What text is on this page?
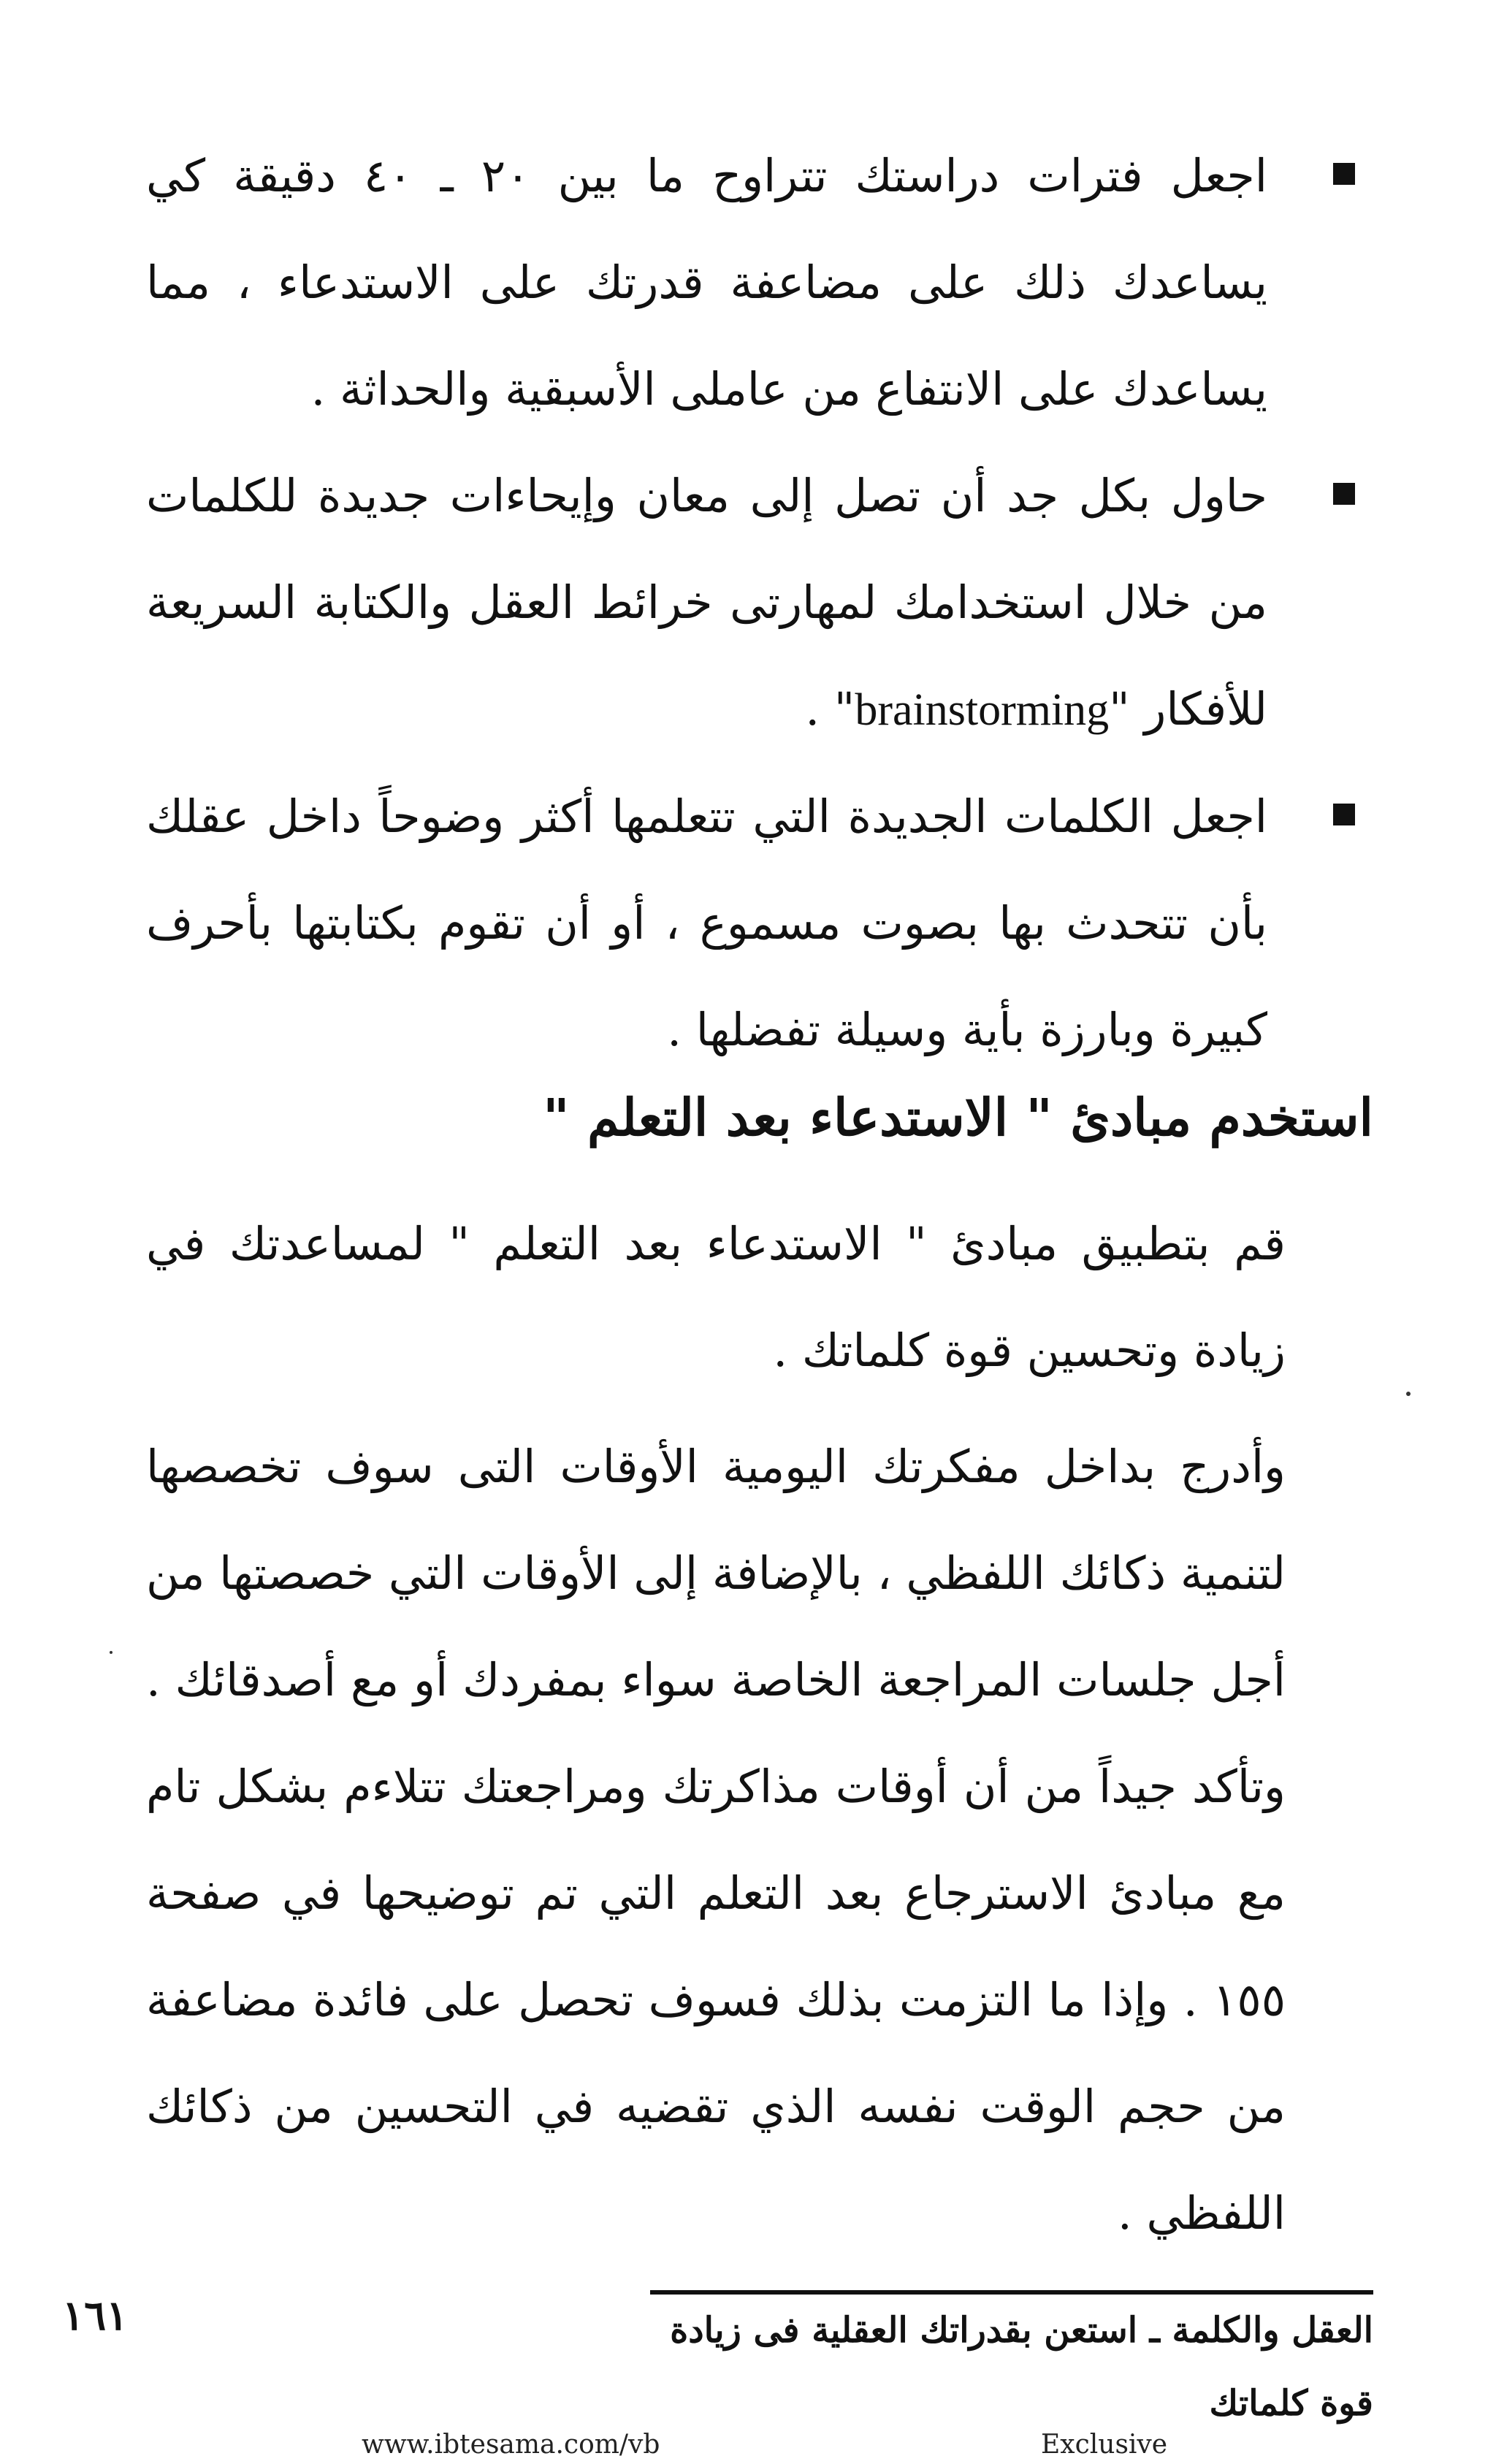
اجعل فترات دراستك تتراوح ما بين ٢٠ ـ ٤٠ دقيقة كي يساعدك ذلك على مضاعفة قدرتك على الاستدعاء ، مما يساعدك على الانتفاع من عاملى الأسبقية والحداثة .
حاول بكل جد أن تصل إلى معان وإيحاءات جديدة للكلمات من خلال استخدامك لمهارتى خرائط العقل والكتابة السريعة للأفكار "brainstorming" .
اجعل الكلمات الجديدة التي تتعلمها أكثر وضوحاً داخل عقلك بأن تتحدث بها بصوت مسموع ، أو أن تقوم بكتابتها بأحرف كبيرة وبارزة بأية وسيلة تفضلها .
استخدم مبادئ " الاستدعاء بعد التعلم "

قم بتطبيق مبادئ " الاستدعاء بعد التعلم " لمساعدتك في زيادة وتحسين قوة كلماتك .

وأدرج بداخل مفكرتك اليومية الأوقات التى سوف تخصصها لتنمية ذكائك اللفظي ، بالإضافة إلى الأوقات التي خصصتها من أجل جلسات المراجعة الخاصة سواء بمفردك أو مع أصدقائك . وتأكد جيداً من أن أوقات مذاكرتك ومراجعتك تتلاءم بشكل تام مع مبادئ الاسترجاع بعد التعلم التي تم توضيحها في صفحة ١٥٥ . وإذا ما التزمت بذلك فسوف تحصل على فائدة مضاعفة من حجم الوقت نفسه الذي تقضيه في التحسين من ذكائك اللفظي .

العقل والكلمة ـ استعن بقدراتك العقلية فى زيادة قوة كلماتك

١٦١

www.ibtesama.com/vb	Exclusive
